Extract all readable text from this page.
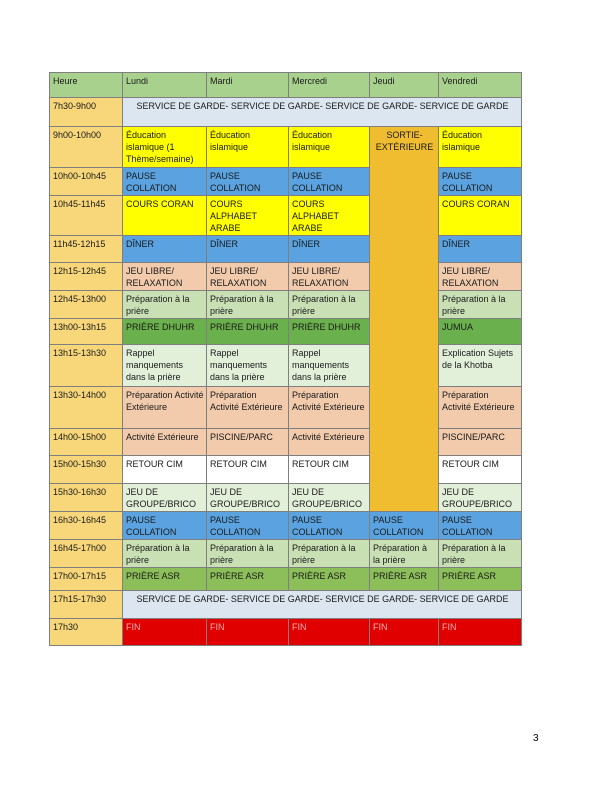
Heure	Lundi	Mardi	Mercredi	Jeudi	Vendredi
7h30-9h00	SERVICE DE GARDE- SERVICE DE GARDE- SERVICE DE GARDE- SERVICE DE GARDE				
9h00-10h00	Éducation islamique (1 Thème/semaine)	Éducation islamique	Éducation islamique	SORTIE-EXTÉRIEURE	Éducation islamique
10h00-10h45	PAUSE COLLATION	PAUSE COLLATION	PAUSE COLLATION		PAUSE COLLATION
10h45-11h45	COURS CORAN	COURS ALPHABET ARABE	COURS ALPHABET ARABE		COURS CORAN
11h45-12h15	DÎNER	DÎNER	DÎNER		DÎNER
12h15-12h45	JEU LIBRE/ RELAXATION	JEU LIBRE/ RELAXATION	JEU LIBRE/ RELAXATION		JEU LIBRE/ RELAXATION
12h45-13h00	Préparation à la prière	Préparation à la prière	Préparation à la prière		Préparation à la prière
13h00-13h15	PRIÈRE DHUHR	PRIÈRE DHUHR	PRIÈRE DHUHR		JUMUA
13h15-13h30	Rappel manquements dans la prière	Rappel manquements dans la prière	Rappel manquements dans la prière		Explication Sujets de la Khotba
13h30-14h00	Préparation Activité Extérieure	Préparation Activité Extérieure	Préparation Activité Extérieure		Préparation Activité Extérieure
14h00-15h00	Activité Extérieure	PISCINE/PARC	Activité Extérieure		PISCINE/PARC
15h00-15h30	RETOUR CIM	RETOUR CIM	RETOUR CIM		RETOUR CIM
15h30-16h30	JEU DE GROUPE/BRICO	JEU DE GROUPE/BRICO	JEU DE GROUPE/BRICO		JEU DE GROUPE/BRICO
16h30-16h45	PAUSE COLLATION	PAUSE COLLATION	PAUSE COLLATION	PAUSE COLLATION	PAUSE COLLATION
16h45-17h00	Préparation à la prière	Préparation à la prière	Préparation à la prière	Préparation à la prière	Préparation à la prière
17h00-17h15	PRIÈRE ASR	PRIÈRE ASR	PRIÈRE ASR	PRIÈRE ASR	PRIÈRE ASR
17h15-17h30	SERVICE DE GARDE- SERVICE DE GARDE- SERVICE DE GARDE- SERVICE DE GARDE				
17h30	FIN	FIN	FIN	FIN	FIN
3
